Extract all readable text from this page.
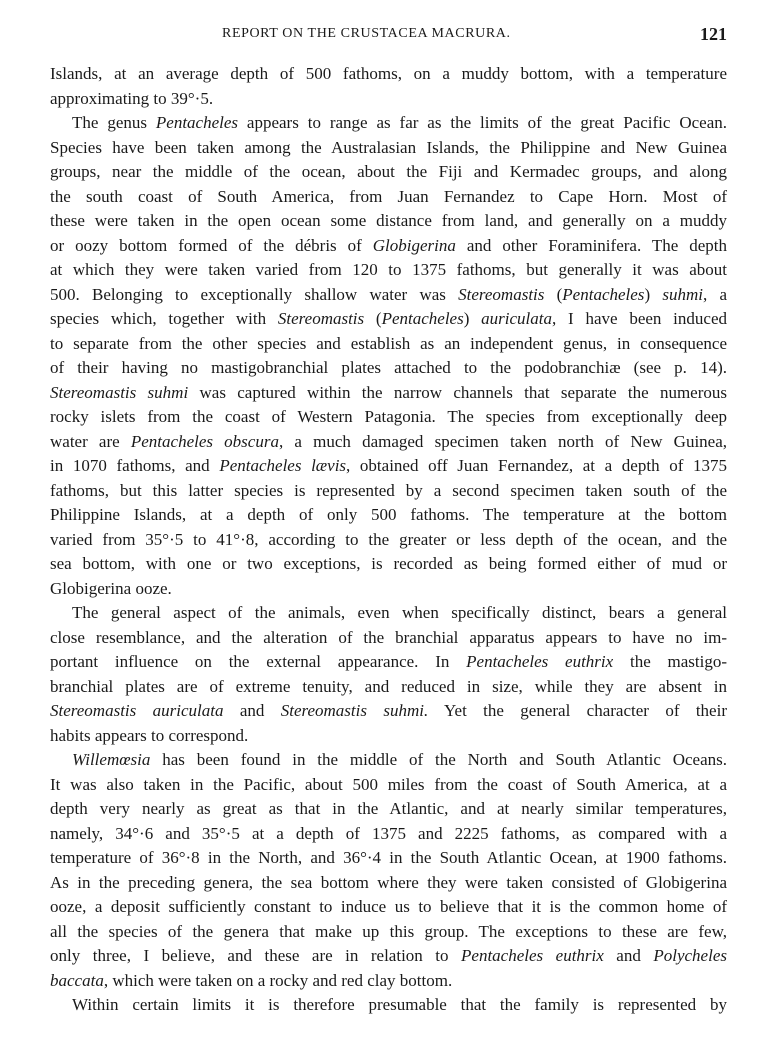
REPORT ON THE CRUSTACEA MACRURA.	121
Islands, at an average depth of 500 fathoms, on a muddy bottom, with a temperature
approximating to 39°·5.
The genus Pentacheles appears to range as far as the limits of the great Pacific Ocean.
Species have been taken among the Australasian Islands, the Philippine and New Guinea
groups, near the middle of the ocean, about the Fiji and Kermadec groups, and along
the south coast of South America, from Juan Fernandez to Cape Horn. Most of
these were taken in the open ocean some distance from land, and generally on a muddy
or oozy bottom formed of the débris of Globigerina and other Foraminifera. The depth
at which they were taken varied from 120 to 1375 fathoms, but generally it was about
500. Belonging to exceptionally shallow water was Stereomastis (Pentacheles) suhmi, a
species which, together with Stereomastis (Pentacheles) auriculata, I have been induced
to separate from the other species and establish as an independent genus, in consequence
of their having no mastigobranchial plates attached to the podobranchiæ (see p. 14).
Stereomastis suhmi was captured within the narrow channels that separate the numerous
rocky islets from the coast of Western Patagonia. The species from exceptionally deep
water are Pentacheles obscura, a much damaged specimen taken north of New Guinea,
in 1070 fathoms, and Pentacheles lævis, obtained off Juan Fernandez, at a depth of 1375
fathoms, but this latter species is represented by a second specimen taken south of the
Philippine Islands, at a depth of only 500 fathoms. The temperature at the bottom
varied from 35°·5 to 41°·8, according to the greater or less depth of the ocean, and the
sea bottom, with one or two exceptions, is recorded as being formed either of mud or
Globigerina ooze.
The general aspect of the animals, even when specifically distinct, bears a general
close resemblance, and the alteration of the branchial apparatus appears to have no im-
portant influence on the external appearance. In Pentacheles euthrix the mastigo-
branchial plates are of extreme tenuity, and reduced in size, while they are absent in
Stereomastis auriculata and Stereomastis suhmi. Yet the general character of their
habits appears to correspond.
Willemœsia has been found in the middle of the North and South Atlantic Oceans.
It was also taken in the Pacific, about 500 miles from the coast of South America, at a
depth very nearly as great as that in the Atlantic, and at nearly similar temperatures,
namely, 34°·6 and 35°·5 at a depth of 1375 and 2225 fathoms, as compared with a
temperature of 36°·8 in the North, and 36°·4 in the South Atlantic Ocean, at 1900 fathoms.
As in the preceding genera, the sea bottom where they were taken consisted of Globigerina
ooze, a deposit sufficiently constant to induce us to believe that it is the common home of
all the species of the genera that make up this group. The exceptions to these are few,
only three, I believe, and these are in relation to Pentacheles euthrix and Polycheles
baccata, which were taken on a rocky and red clay bottom.
Within certain limits it is therefore presumable that the family is represented by
